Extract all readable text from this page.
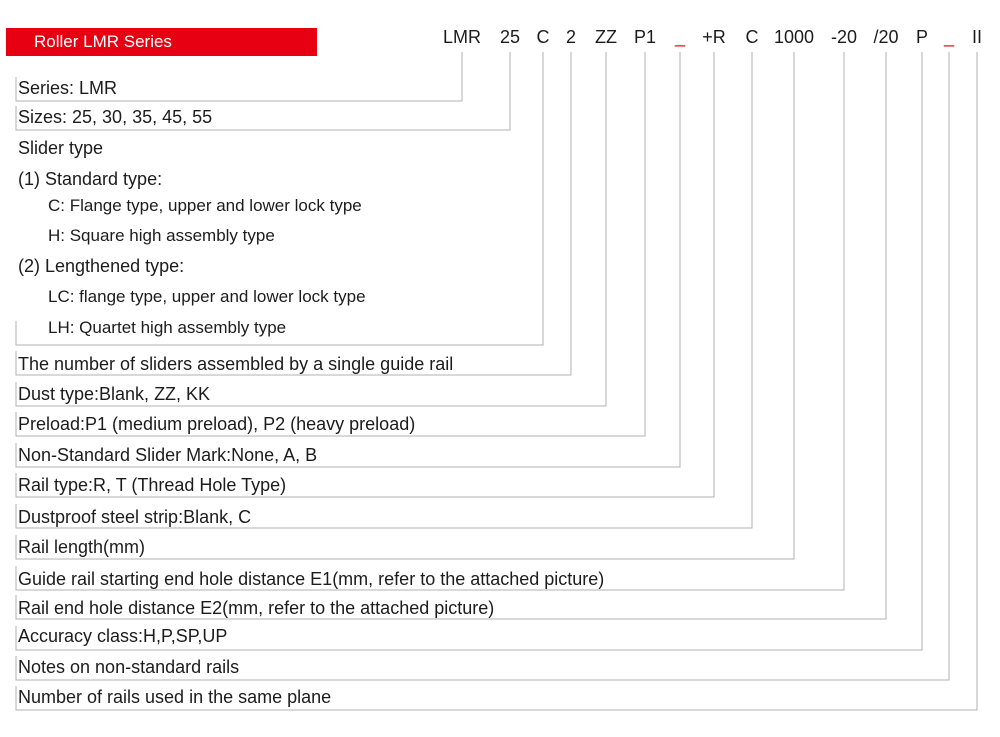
Roller LMR Series	LMR 25 C 2 ZZ P1 _ +R C 1000 -20 /20 P _ II
Series: LMR
Sizes: 25, 30, 35, 45, 55
Slider type
(1) Standard type:
C: Flange type, upper and lower lock type
H: Square high assembly type
(2) Lengthened type:
LC: flange type, upper and lower lock type
LH: Quartet high assembly type
The number of sliders assembled by a single guide rail
Dust type:Blank, ZZ, KK
Preload:P1 (medium preload), P2 (heavy preload)
Non-Standard Slider Mark:None, A, B
Rail type:R, T (Thread Hole Type)
Dustproof steel strip:Blank, C
Rail length(mm)
Guide rail starting end hole distance E1(mm, refer to the attached picture)
Rail end hole distance E2(mm, refer to the attached picture)
Accuracy class:H,P,SP,UP
Notes on non-standard rails
Number of rails used in the same plane
